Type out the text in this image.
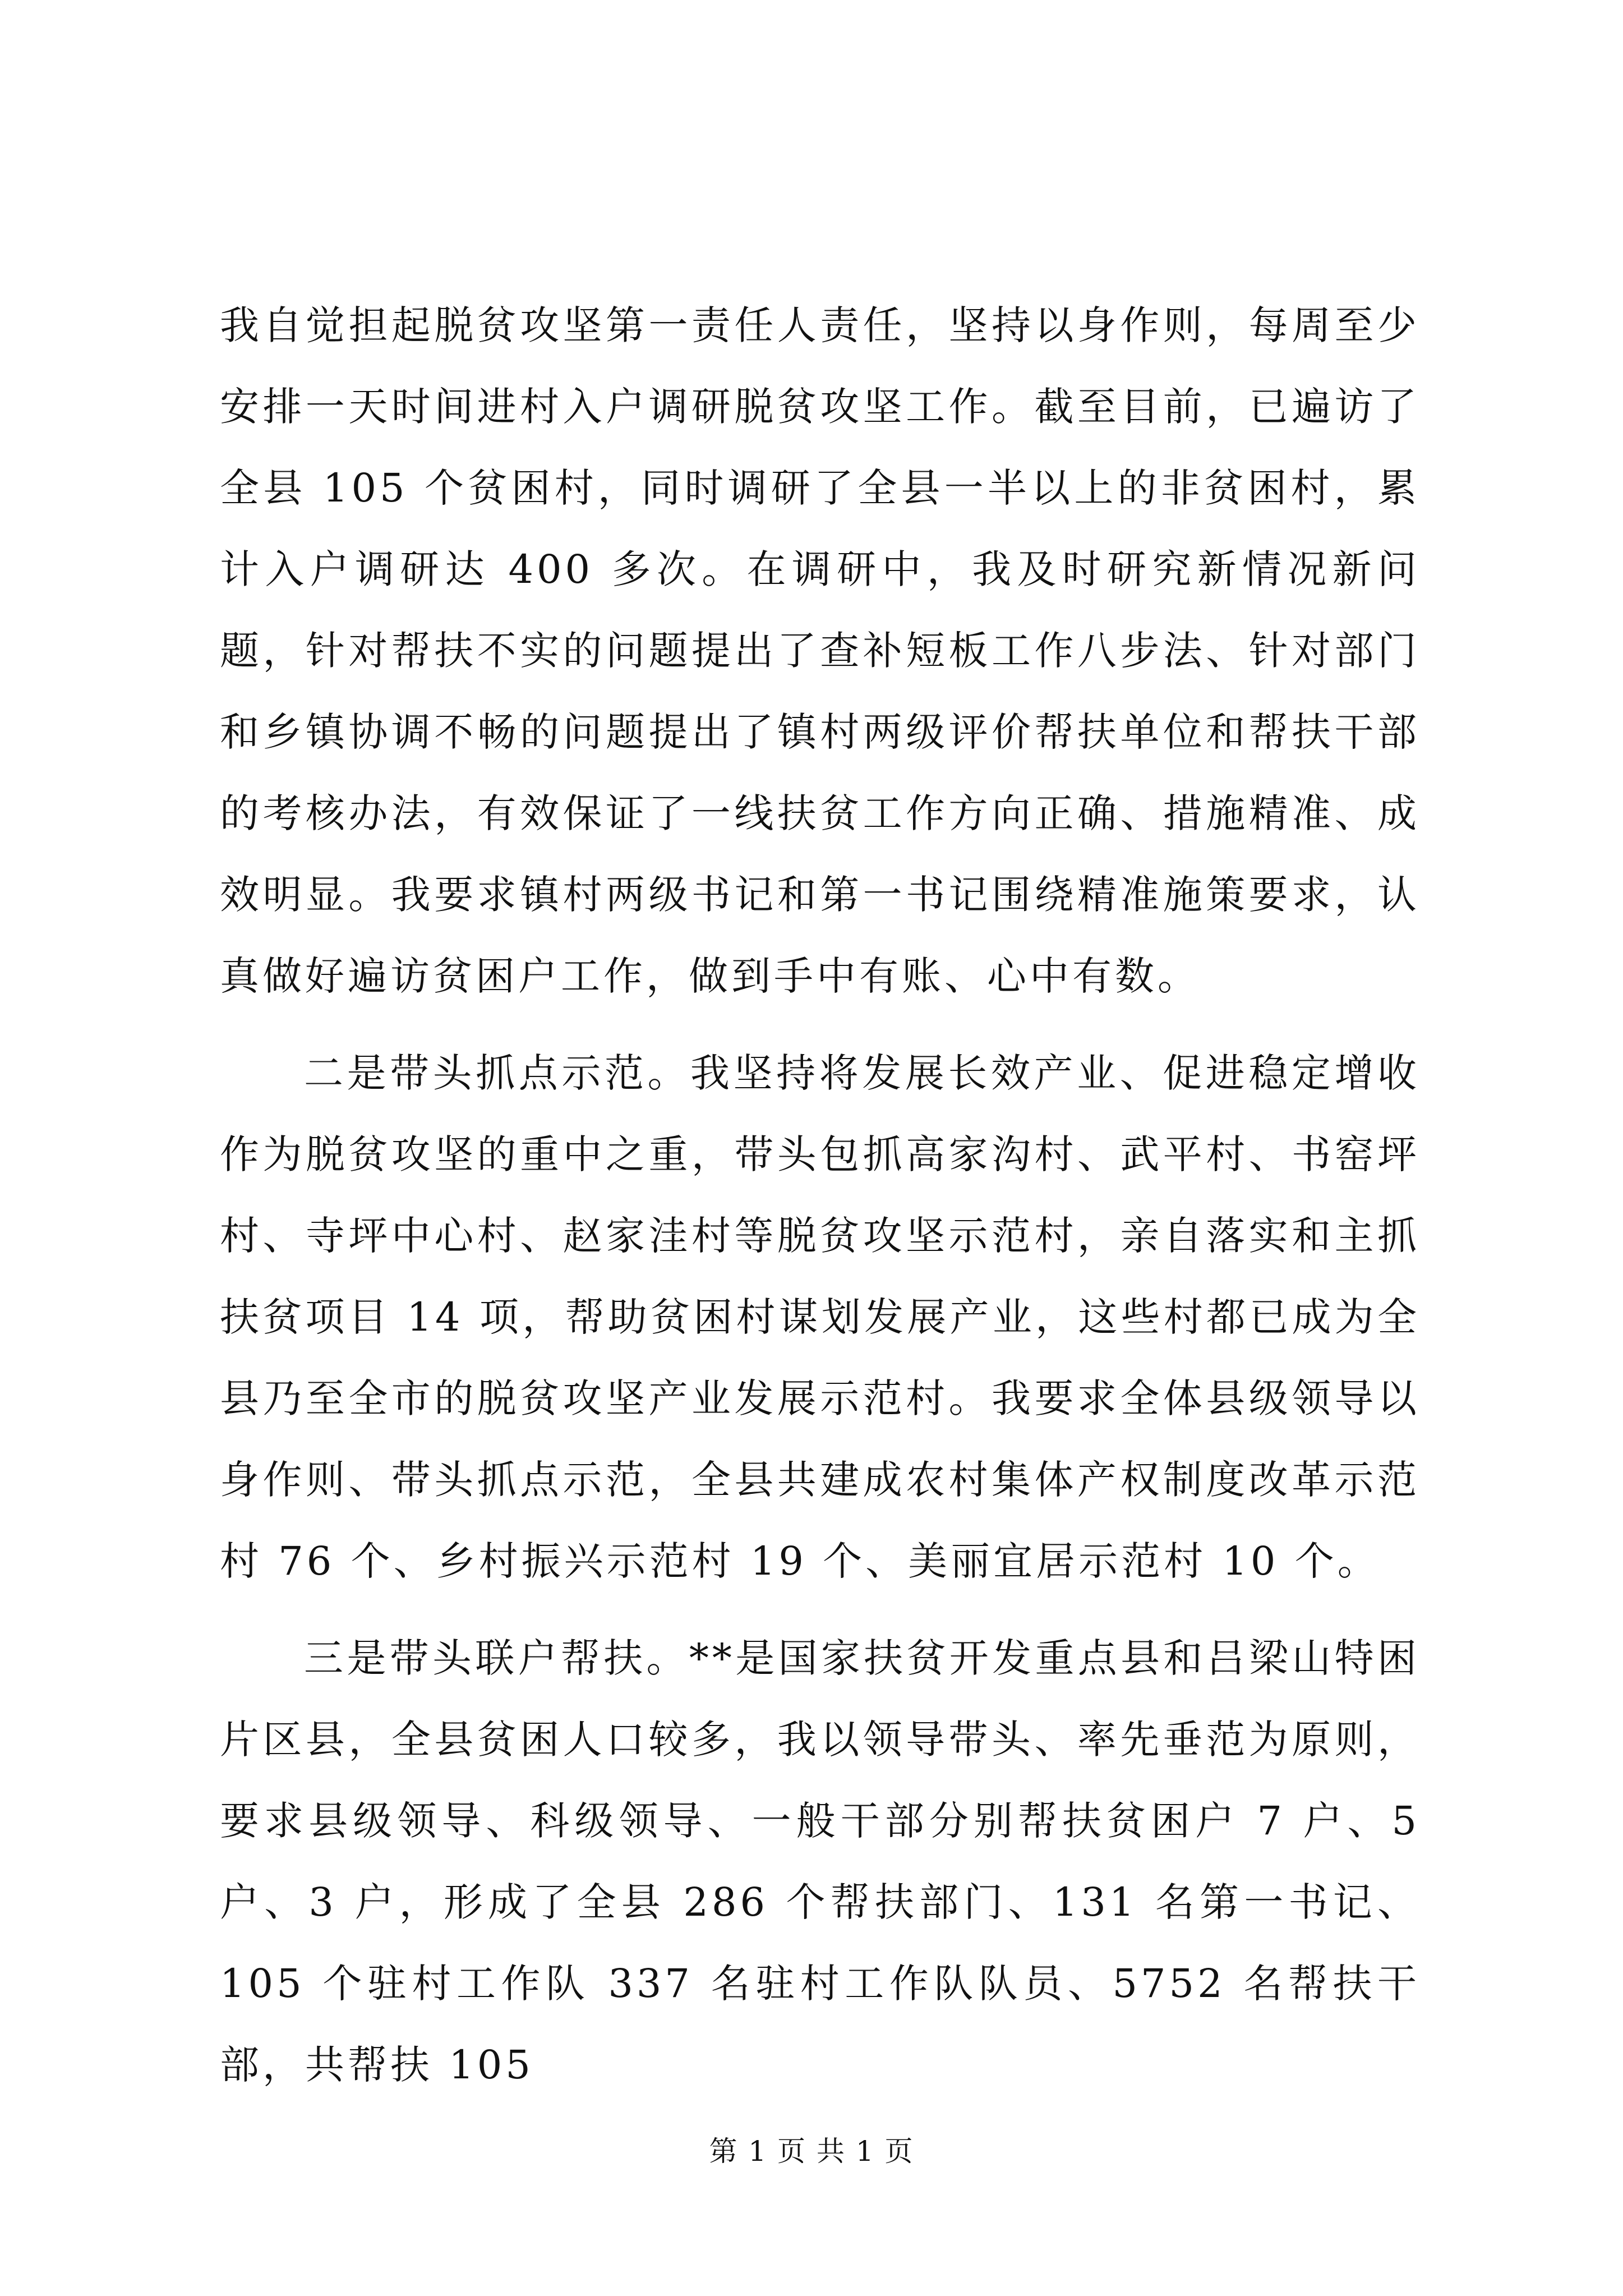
我自觉担起脱贫攻坚第一责任人责任，坚持以身作则，每周至少安排一天时间进村入户调研脱贫攻坚工作。截至目前，已遍访了全县 105 个贫困村，同时调研了全县一半以上的非贫困村，累计入户调研达 400 多次。在调研中，我及时研究新情况新问题，针对帮扶不实的问题提出了查补短板工作八步法、针对部门和乡镇协调不畅的问题提出了镇村两级评价帮扶单位和帮扶干部的考核办法，有效保证了一线扶贫工作方向正确、措施精准、成效明显。我要求镇村两级书记和第一书记围绕精准施策要求，认真做好遍访贫困户工作，做到手中有账、心中有数。

二是带头抓点示范。我坚持将发展长效产业、促进稳定增收作为脱贫攻坚的重中之重，带头包抓高家沟村、武平村、书窑坪村、寺坪中心村、赵家洼村等脱贫攻坚示范村，亲自落实和主抓扶贫项目 14 项，帮助贫困村谋划发展产业，这些村都已成为全县乃至全市的脱贫攻坚产业发展示范村。我要求全体县级领导以身作则、带头抓点示范，全县共建成农村集体产权制度改革示范村 76 个、乡村振兴示范村 19 个、美丽宜居示范村 10 个。

三是带头联户帮扶。**是国家扶贫开发重点县和吕梁山特困片区县，全县贫困人口较多，我以领导带头、率先垂范为原则，要求县级领导、科级领导、一般干部分别帮扶贫困户 7 户、5 户、3 户，形成了全县 286 个帮扶部门、131 名第一书记、105 个驻村工作队 337 名驻村工作队队员、5752 名帮扶干部，共帮扶 105

第 1 页 共 1 页
